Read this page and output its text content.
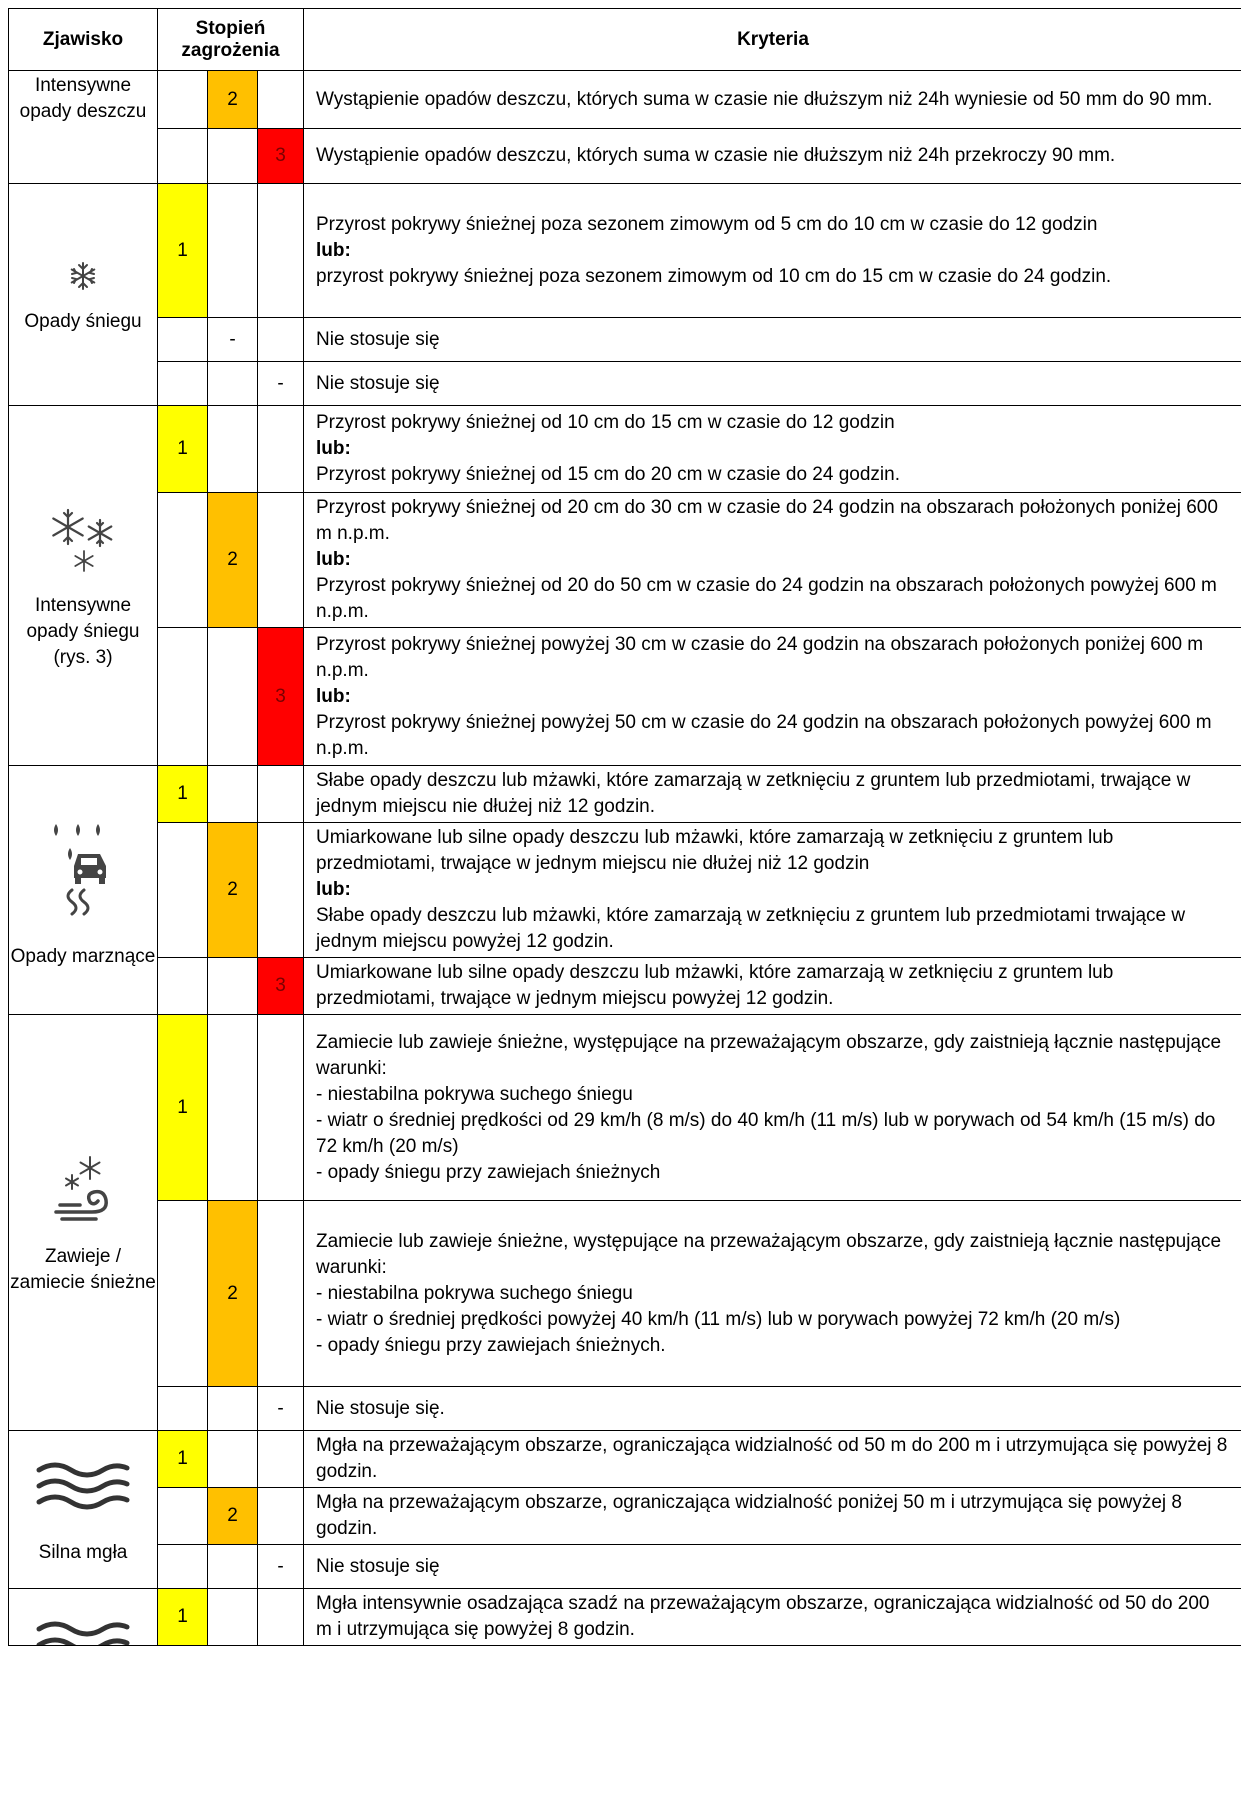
Zjawisko	Stopień zagrożenia			Kryteria
Intensywne opady deszczu		2		Wystąpienie opadów deszczu, których suma w czasie nie dłuższym niż 24h wyniesie od 50 mm do 90 mm.
			3	Wystąpienie opadów deszczu, których suma w czasie nie dłuższym niż 24h przekroczy 90 mm.

Opady śniegu	1			Przyrost pokrywy śnieżnej poza sezonem zimowym od 5 cm do 10 cm w czasie do 12 godzin
lub:
przyrost pokrywy śnieżnej poza sezonem zimowym od 10 cm do 15 cm w czasie do 24 godzin.

		-		Nie stosuje się
			-	Nie stosuje się

Intensywne opady śniegu (rys. 3)	1			Przyrost pokrywy śnieżnej od 10 cm do 15 cm w czasie do 12 godzin
lub:
Przyrost pokrywy śnieżnej od 15 cm do 20 cm w czasie do 24 godzin.

		2		Przyrost pokrywy śnieżnej od 20 cm do 30 cm w czasie do 24 godzin na obszarach położonych poniżej 600 m n.p.m.
lub:
Przyrost pokrywy śnieżnej od 20 do 50 cm w czasie do 24 godzin na obszarach położonych powyżej 600 m n.p.m.

			3	Przyrost pokrywy śnieżnej powyżej 30 cm w czasie do 24 godzin na obszarach położonych poniżej 600 m n.p.m.
lub:
Przyrost pokrywy śnieżnej powyżej 50 cm w czasie do 24 godzin na obszarach położonych powyżej 600 m n.p.m.

Opady marznące	1			Słabe opady deszczu lub mżawki, które zamarzają w zetknięciu z gruntem lub przedmiotami, trwające w jednym miejscu nie dłużej niż 12 godzin.
		2		Umiarkowane lub silne opady deszczu lub mżawki, które zamarzają w zetknięciu z gruntem lub przedmiotami, trwające w jednym miejscu nie dłużej niż 12 godzin
lub:
Słabe opady deszczu lub mżawki, które zamarzają w zetknięciu z gruntem lub przedmiotami trwające w jednym miejscu powyżej 12 godzin.

			3	Umiarkowane lub silne opady deszczu lub mżawki, które zamarzają w zetknięciu z gruntem lub przedmiotami, trwające w jednym miejscu powyżej 12 godzin.

Zawieje / zamiecie śnieżne	1			Zamiecie lub zawieje śnieżne, występujące na przeważającym obszarze, gdy zaistnieją łącznie następujące warunki:
- niestabilna pokrywa suchego śniegu
- wiatr o średniej prędkości od 29 km/h (8 m/s) do 40 km/h (11 m/s) lub w porywach od 54 km/h (15 m/s) do 72 km/h (20 m/s)
- opady śniegu przy zawiejach śnieżnych

		2		Zamiecie lub zawieje śnieżne, występujące na przeważającym obszarze, gdy zaistnieją łącznie następujące warunki:
- niestabilna pokrywa suchego śniegu
- wiatr o średniej prędkości powyżej 40 km/h (11 m/s) lub w porywach powyżej 72 km/h (20 m/s)
- opady śniegu przy zawiejach śnieżnych.

			-	Nie stosuje się.

Silna mgła	1			Mgła na przeważającym obszarze, ograniczająca widzialność od 50 m do 200 m i utrzymująca się powyżej 8 godzin.
		2		Mgła na przeważającym obszarze, ograniczająca widzialność poniżej 50 m i utrzymująca się powyżej 8 godzin.
			-	Nie stosuje się

	1			Mgła intensywnie osadzająca szadź na przeważającym obszarze, ograniczająca widzialność od 50 do 200 m i utrzymująca się powyżej 8 godzin.
